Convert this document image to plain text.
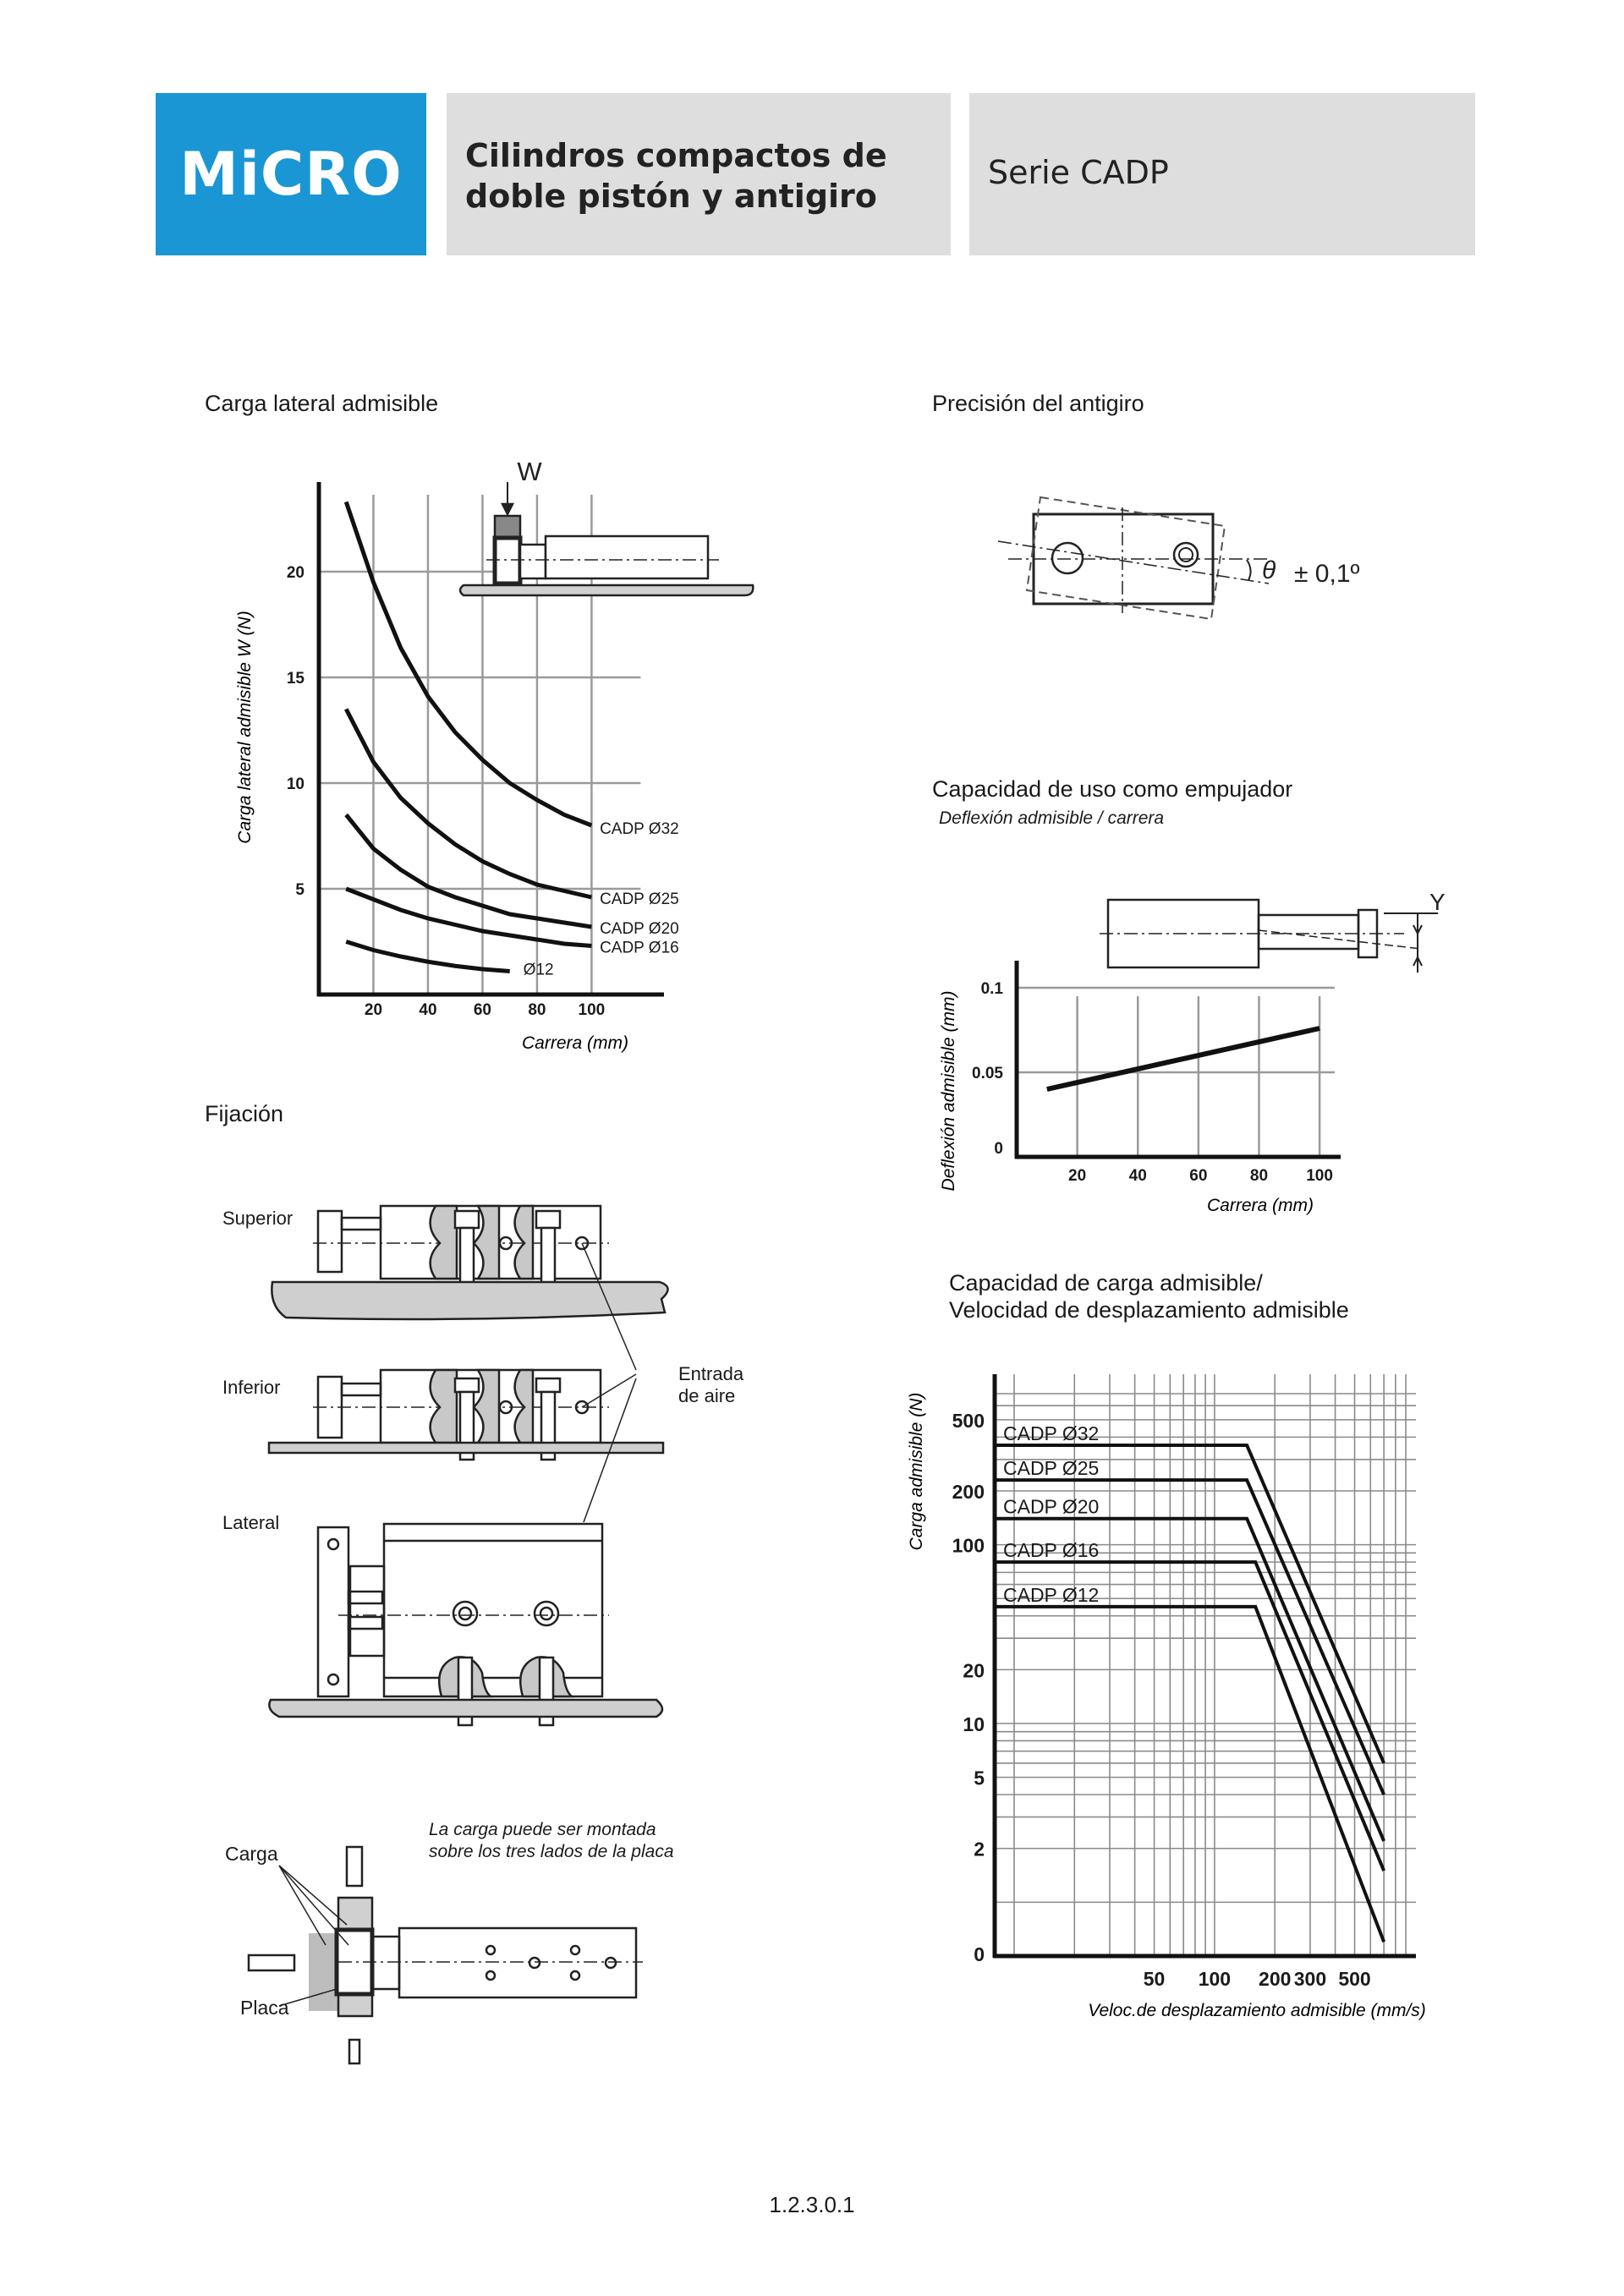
MiCRO Cilindros compactos de
doble pistón y antigiro
Serie CADP
Carga lateral admisible	Precisión del antigiro
Capacidad de uso como empujador
Deflexión admisible / carrera
Fijación
Capacidad de carga admisible/
Velocidad de desplazamiento admisible
CADP Ø32
CADP Ø25
CADP Ø20
CADP Ø16
Ø12
20 40 60 80 100
5
10
15
20
Carga lateral admisible W (N)
Carrera (mm)
W
θ ± 0,1º
Y
20	40	60	80 100
0
0.05
0.1
Deflexión admisible (mm)
Carrera (mm)
CADP Ø32
CADP Ø25
CADP Ø20
CADP Ø16
CADP Ø12
50 100 200 300 500
0
2
5
10
20
100
200
500
Carga admisible (N)
Veloc.de desplazamiento admisible (mm/s)
Superior
Inferior
Entrada
de aire
Lateral
La carga puede ser montada
sobre los tres lados de la placa
Carga
Placa
1.2.3.0.1
